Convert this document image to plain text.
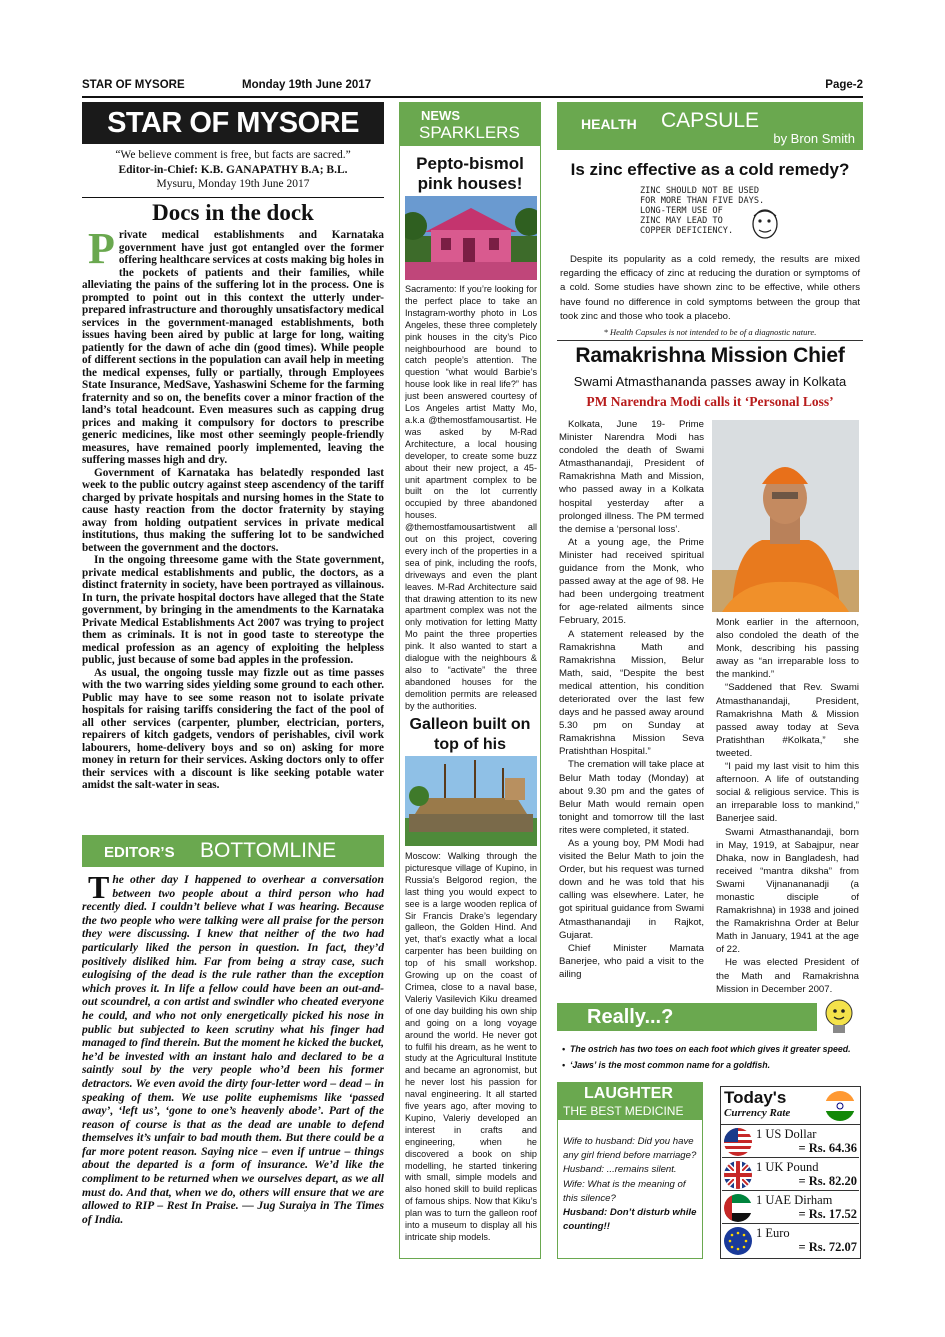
STAR OF MYSORE	Monday 19th June 2017	Page-2
STAR OF MYSORE
“We believe comment is free, but facts are sacred.”
Editor-in-Chief: K.B. GANAPATHY B.A; B.L.
Mysuru, Monday 19th June 2017
Docs in the dock

Private medical establishments and Karnataka government have just got entangled over the former offering healthcare services at costs making big holes in the pockets of patients and their families, while alleviating the pains of the suffering lot in the process. One is prompted to point out in this context the utterly under-prepared infrastructure and thoroughly unsatisfactory medical services in the government-managed establishments, both issues having been aired by public at large for long, waiting patiently for the dawn of ache din (good times). While people of different sections in the population can avail help in meeting the medical expenses, fully or partially, through Employees State Insurance, MedSave, Yashaswini Scheme for the farming fraternity and so on, the benefits cover a minor fraction of the land’s total headcount. Even measures such as capping drug prices and making it compulsory for doctors to prescribe generic medicines, like most other seemingly people-friendly measures, have remained poorly implemented, leaving the suffering masses high and dry.

Government of Karnataka has belatedly responded last week to the public outcry against steep ascendency of the tariff charged by private hospitals and nursing homes in the State to cause hasty reaction from the doctor fraternity by staying away from holding outpatient services in private medical institutions, thus making the suffering lot to be sandwiched between the government and the doctors.

In the ongoing threesome game with the State government, private medical establishments and public, the doctors, as a distinct fraternity in society, have been portrayed as villainous. In turn, the private hospital doctors have alleged that the State government, by bringing in the amendments to the Karnataka Private Medical Establishments Act 2007 was trying to project them as criminals. It is not in good taste to stereotype the medical profession as an agency of exploiting the helpless public, just because of some bad apples in the profession.

As usual, the ongoing tussle may fizzle out as time passes with the two warring sides yielding some ground to each other. Public may have to see some reason not to isolate private hospitals for raising tariffs considering the fact of the pool of all other services (carpenter, plumber, electrician, porters, repairers of kitch gadgets, vendors of perishables, civil work labourers, home-delivery boys and so on) asking for more money in return for their services. Asking doctors only to offer their services with a discount is like seeking potable water amidst the salt-water in seas.

EDITOR’S BOTTOMLINE
The other day I happened to overhear a conversation between two people about a third person who had recently died. I couldn’t believe what I was hearing. Because the two people who were talking were all praise for the person they were discussing. I knew that neither of the two had particularly liked the person in question. In fact, they’d positively disliked him. Far from being a stray case, such eulogising of the dead is the rule rather than the exception which proves it. In life a fellow could have been an out-and-out scoundrel, a con artist and swindler who cheated everyone he could, and who not only energetically picked his nose in public but subjected to keen scrutiny what his finger had managed to find therein. But the moment he kicked the bucket, he’d be invested with an instant halo and declared to be a saintly soul by the very people who’d been his former detractors. We even avoid the dirty four-letter word – dead – in speaking of them. We use polite euphemisms like ‘passed away’, ‘left us’, ‘gone to one’s heavenly abode’. Part of the reason of course is that as the dead are unable to defend themselves it’s unfair to bad mouth them. But there could be a far more potent reason. Saying nice – even if untrue – things about the departed is a form of insurance. We’d like the compliment to be returned when we ourselves depart, as we all must do. And that, when we do, others will ensure that we are allowed to RIP – Rest In Praise. — Jug Suraiya in The Times of India.
NEWS
SPARKLERS
Pepto-bismol pink houses!
Sacramento: If you’re looking for the perfect place to take an Instagram-worthy photo in Los Angeles, these three completely pink houses in the city’s Pico neighbourhood are bound to catch people’s attention. The question “what would Barbie’s house look like in real life?” has just been answered courtesy of Los Angeles artist Matty Mo, a.k.a @themostfamousartist. He was asked by M-Rad Architecture, a local housing developer, to create some buzz about their new project, a 45-unit apartment complex to be built on the lot currently occupied by three abandoned houses. @themostfamousartistwent all out on this project, covering every inch of the properties in a sea of pink, including the roofs, driveways and even the plant leaves. M-Rad Architecture said that drawing attention to its new apartment complex was not the only motivation for letting Matty Mo paint the three properties pink. It also wanted to start a dialogue with the neighbours & also to “activate” the three abandoned houses for the demolition permits are released by the authorities.
Galleon built on top of his
Moscow: Walking through the picturesque village of Kupino, in Russia’s Belgorod region, the last thing you would expect to see is a large wooden replica of Sir Francis Drake’s legendary galleon, the Golden Hind. And yet, that’s exactly what a local carpenter has been building on top of his small workshop. Growing up on the coast of Crimea, close to a naval base, Valeriy Vasilevich Kiku dreamed of one day building his own ship and going on a long voyage around the world. He never got to fulfil his dream, as he went to study at the Agricultural Institute and became an agronomist, but he never lost his passion for naval engineering. It all started five years ago, after moving to Kupino, Valeriy developed an interest in crafts and engineering, when he discovered a book on ship modelling, he started tinkering with small, simple models and also honed skill to build replicas of famous ships. Now that Kiku’s plan was to turn the galleon roof into a museum to display all his intricate ship models.
HEALTH CAPSULE
by Bron Smith
Is zinc effective as a cold remedy?
ZINC SHOULD NOT BE USED
FOR MORE THAN FIVE DAYS.
LONG-TERM USE OF
ZINC MAY LEAD TO
COPPER DEFICIENCY.
Despite its popularity as a cold remedy, the results are mixed regarding the efficacy of zinc at reducing the duration or symptoms of a cold. Some studies have shown zinc to be effective, while others have found no difference in cold symptoms between the group that took zinc and those who took a placebo.
* Health Capsules is not intended to be of a diagnostic nature.
Ramakrishna Mission Chief
Swami Atmasthananda passes away in Kolkata
PM Narendra Modi calls it ‘Personal Loss’

Kolkata, June 19- Prime Minister Narendra Modi has condoled the death of Swami Atmasthanandaji, President of Ramakrishna Math and Mission, who passed away in a Kolkata hospital yesterday after a prolonged illness. The PM termed the demise a ‘personal loss’.

At a young age, the Prime Minister had received spiritual guidance from the Monk, who passed away at the age of 98. He had been undergoing treatment for age-related ailments since February, 2015.

A statement released by the Ramakrishna Math and Ramakrishna Mission, Belur Math, said, “Despite the best medical attention, his condition deteriorated over the last few days and he passed away around 5.30 pm on Sunday at Ramakrishna Mission Seva Pratishthan Hospital.”

The cremation will take place at Belur Math today (Monday) at about 9.30 pm and the gates of Belur Math would remain open tonight and tomorrow till the last rites were completed, it stated.

As a young boy, PM Modi had visited the Belur Math to join the Order, but his request was turned down and he was told that his calling was elsewhere. Later, he got spiritual guidance from Swami Atmasthanandaji in Rajkot, Gujarat.

Chief Minister Mamata Banerjee, who paid a visit to the ailing

Monk earlier in the afternoon, also condoled the death of the Monk, describing his passing away as “an irreparable loss to the mankind.”

“Saddened that Rev. Swami Atmasthanandaji, President, Ramakrishna Math & Mission passed away today at Seva Pratishthan #Kolkata,” she tweeted.

“I paid my last visit to him this afternoon. A life of outstanding social & religious service. This is an irreparable loss to mankind,” Banerjee said.

Swami Atmasthanandaji, born in May, 1919, at Sabajpur, near Dhaka, now in Bangladesh, had received “mantra diksha” from Swami Vijnanananadji (a monastic disciple of Ramakrishna) in 1938 and joined the Ramakrishna Order at Belur Math in January, 1941 at the age of 22.

He was elected President of the Math and Ramakrishna Mission in December 2007.

Really...?
•  The ostrich has two toes on each foot which gives it greater speed.
•  ‘Jaws’ is the most common name for a goldfish.
LAUGHTER
THE BEST MEDICINE
Wife to husband: Did you have any girl friend before marriage?
Husband: ...remains silent.
Wife: What is the meaning of this silence?
Husband: Don’t disturb while counting!!
Today's
Currency Rate
1 US Dollar
= Rs. 64.36
1 UK Pound
= Rs. 82.20
1 UAE Dirham
= Rs. 17.52
1 Euro
= Rs. 72.07
